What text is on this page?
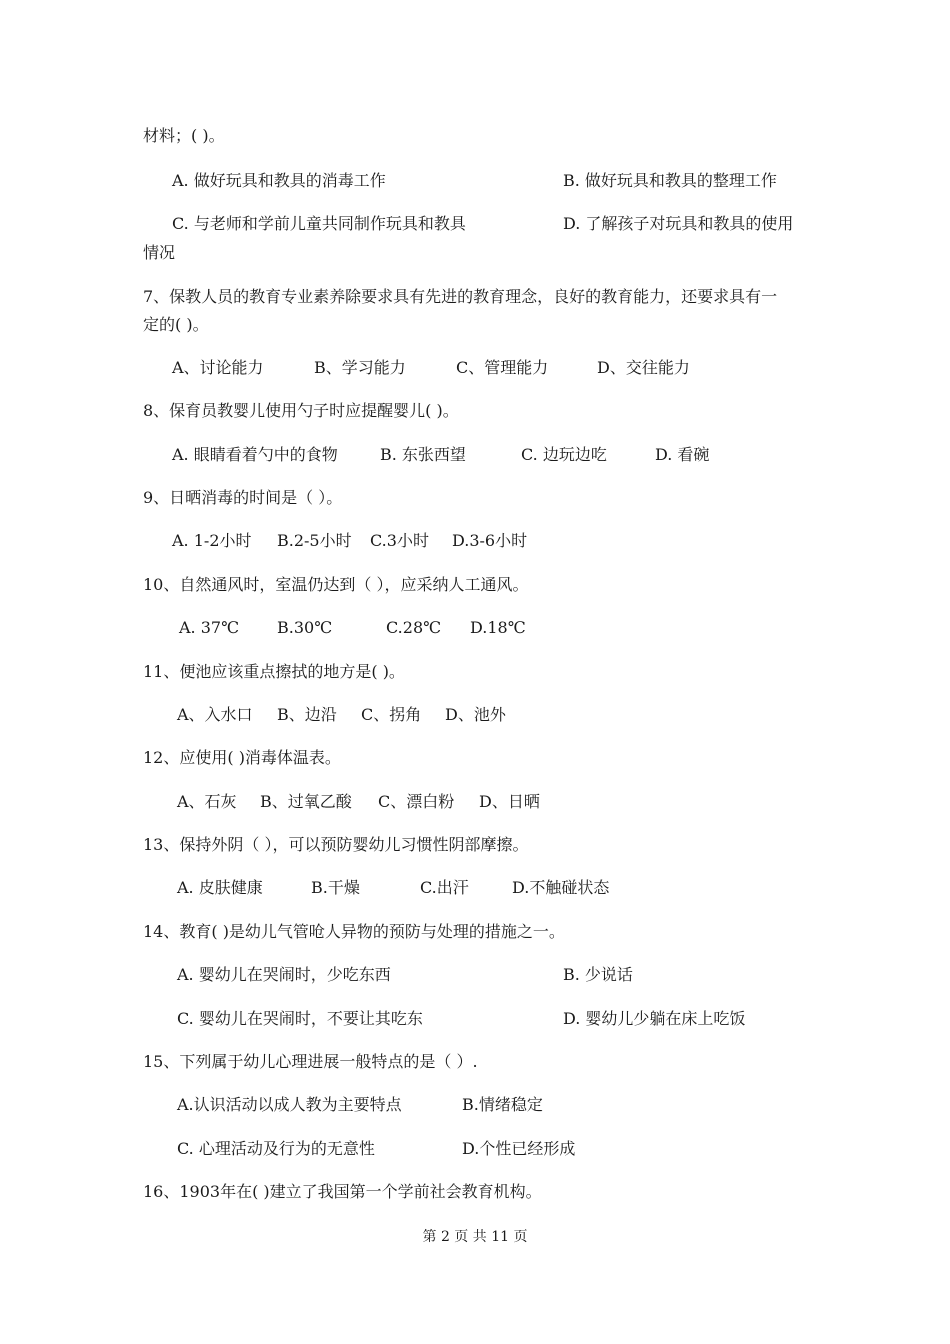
材料；( )。
A. 做好玩具和教具的消毒工作	B. 做好玩具和教具的整理工作
C. 与老师和学前儿童共同制作玩具和教具	D. 了解孩子对玩具和教具的使用
情况
7、保教人员的教育专业素养除要求具有先进的教育理念，良好的教育能力，还要求具有一
定的( )。
A、讨论能力	B、学习能力	C、管理能力	D、交往能力
8、保育员教婴儿使用勺子时应提醒婴儿( )。
A. 眼睛看着勺中的食物	B. 东张西望	C. 边玩边吃	D. 看碗
9、日晒消毒的时间是（ ）。
A. 1-2小时 B.2-5小时 C.3小时 D.3-6小时
10、自然通风时，室温仍达到（ ），应采纳人工通风。
A. 37℃ B.30℃	C.28℃ D.18℃
11、便池应该重点擦拭的地方是( )。
A、入水口 B、边沿 C、拐角 D、池外
12、应使用( )消毒体温表。
A、石灰 B、过氧乙酸 C、漂白粉 D、日晒
13、保持外阴（ ），可以预防婴幼儿习惯性阴部摩擦。
A. 皮肤健康	B.干燥	C.出汗	D.不触碰状态
14、教育( )是幼儿气管呛人异物的预防与处理的措施之一。
A. 婴幼儿在哭闹时，少吃东西	B. 少说话
C. 婴幼儿在哭闹时，不要让其吃东	D. 婴幼儿少躺在床上吃饭
15、下列属于幼儿心理进展一般特点的是（ ）.
A.认识活动以成人教为主要特点	B.情绪稳定
C. 心理活动及行为的无意性	D.个性已经形成
16、1903年在( )建立了我国第一个学前社会教育机构。
第 2 页 共 11 页
